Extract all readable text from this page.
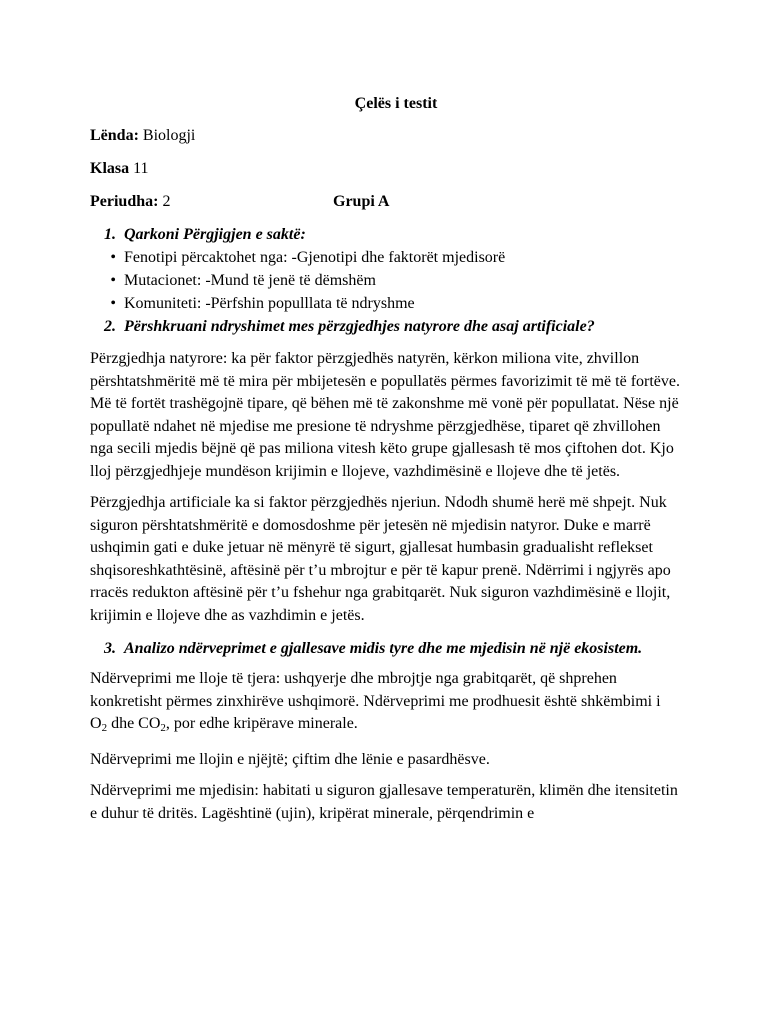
Çelës i testit

Lënda: Biologji

Klasa 11

Periudha: 2	Grupi A

1. Qarkoni Përgjigjen e saktë:
• Fenotipi përcaktohet nga: -Gjenotipi dhe faktorët mjedisorë
• Mutacionet: -Mund të jenë të dëmshëm
• Komuniteti: -Përfshin populllata të ndryshme
2. Përshkruani ndryshimet mes përzgjedhjes natyrore dhe asaj artificiale?

Përzgjedhja natyrore: ka për faktor përzgjedhës natyrën, kërkon miliona vite, zhvillon përshtatshmëritë më të mira për mbijetesën e popullatës përmes favorizimit të më të fortëve. Më të fortët trashëgojnë tipare, që bëhen më të zakonshme më vonë për popullatat. Nëse një popullatë ndahet në mjedise me presione të ndryshme përzgjedhëse, tiparet që zhvillohen nga secili mjedis bëjnë që pas miliona vitesh këto grupe gjallesash të mos çiftohen dot. Kjo lloj përzgjedhjeje mundëson krijimin e llojeve, vazhdimësinë e llojeve dhe të jetës.

Përzgjedhja artificiale ka si faktor përzgjedhës njeriun. Ndodh shumë herë më shpejt. Nuk siguron përshtatshmëritë e domosdoshme për jetesën në mjedisin natyror. Duke e marrë ushqimin gati e duke jetuar në mënyrë të sigurt, gjallesat humbasin gradualisht reflekset shqisoreshkathtësinë, aftësinë për t’u mbrojtur e për të kapur prenë. Ndërrimi i ngjyrës apo rracës redukton aftësinë për t’u fshehur nga grabitqarët. Nuk siguron vazhdimësinë e llojit, krijimin e llojeve dhe as vazhdimin e jetës.

3. Analizo ndërveprimet e gjallesave midis tyre dhe me mjedisin në një ekosistem.

Ndërveprimi me lloje të tjera: ushqyerje dhe mbrojtje nga grabitqarët, që shprehen konkretisht përmes zinxhirëve ushqimorë. Ndërveprimi me prodhuesit është shkëmbimi i $O_2$ dhe $CO_2$, por edhe kripërave minerale.

Ndërveprimi me llojin e njëjtë; çiftim dhe lënie e pasardhësve.

Ndërveprimi me mjedisin: habitati u siguron gjallesave temperaturën, klimën dhe itensitetin e duhur të dritës. Lagështinë (ujin), kripërat minerale, përqendrimin e
